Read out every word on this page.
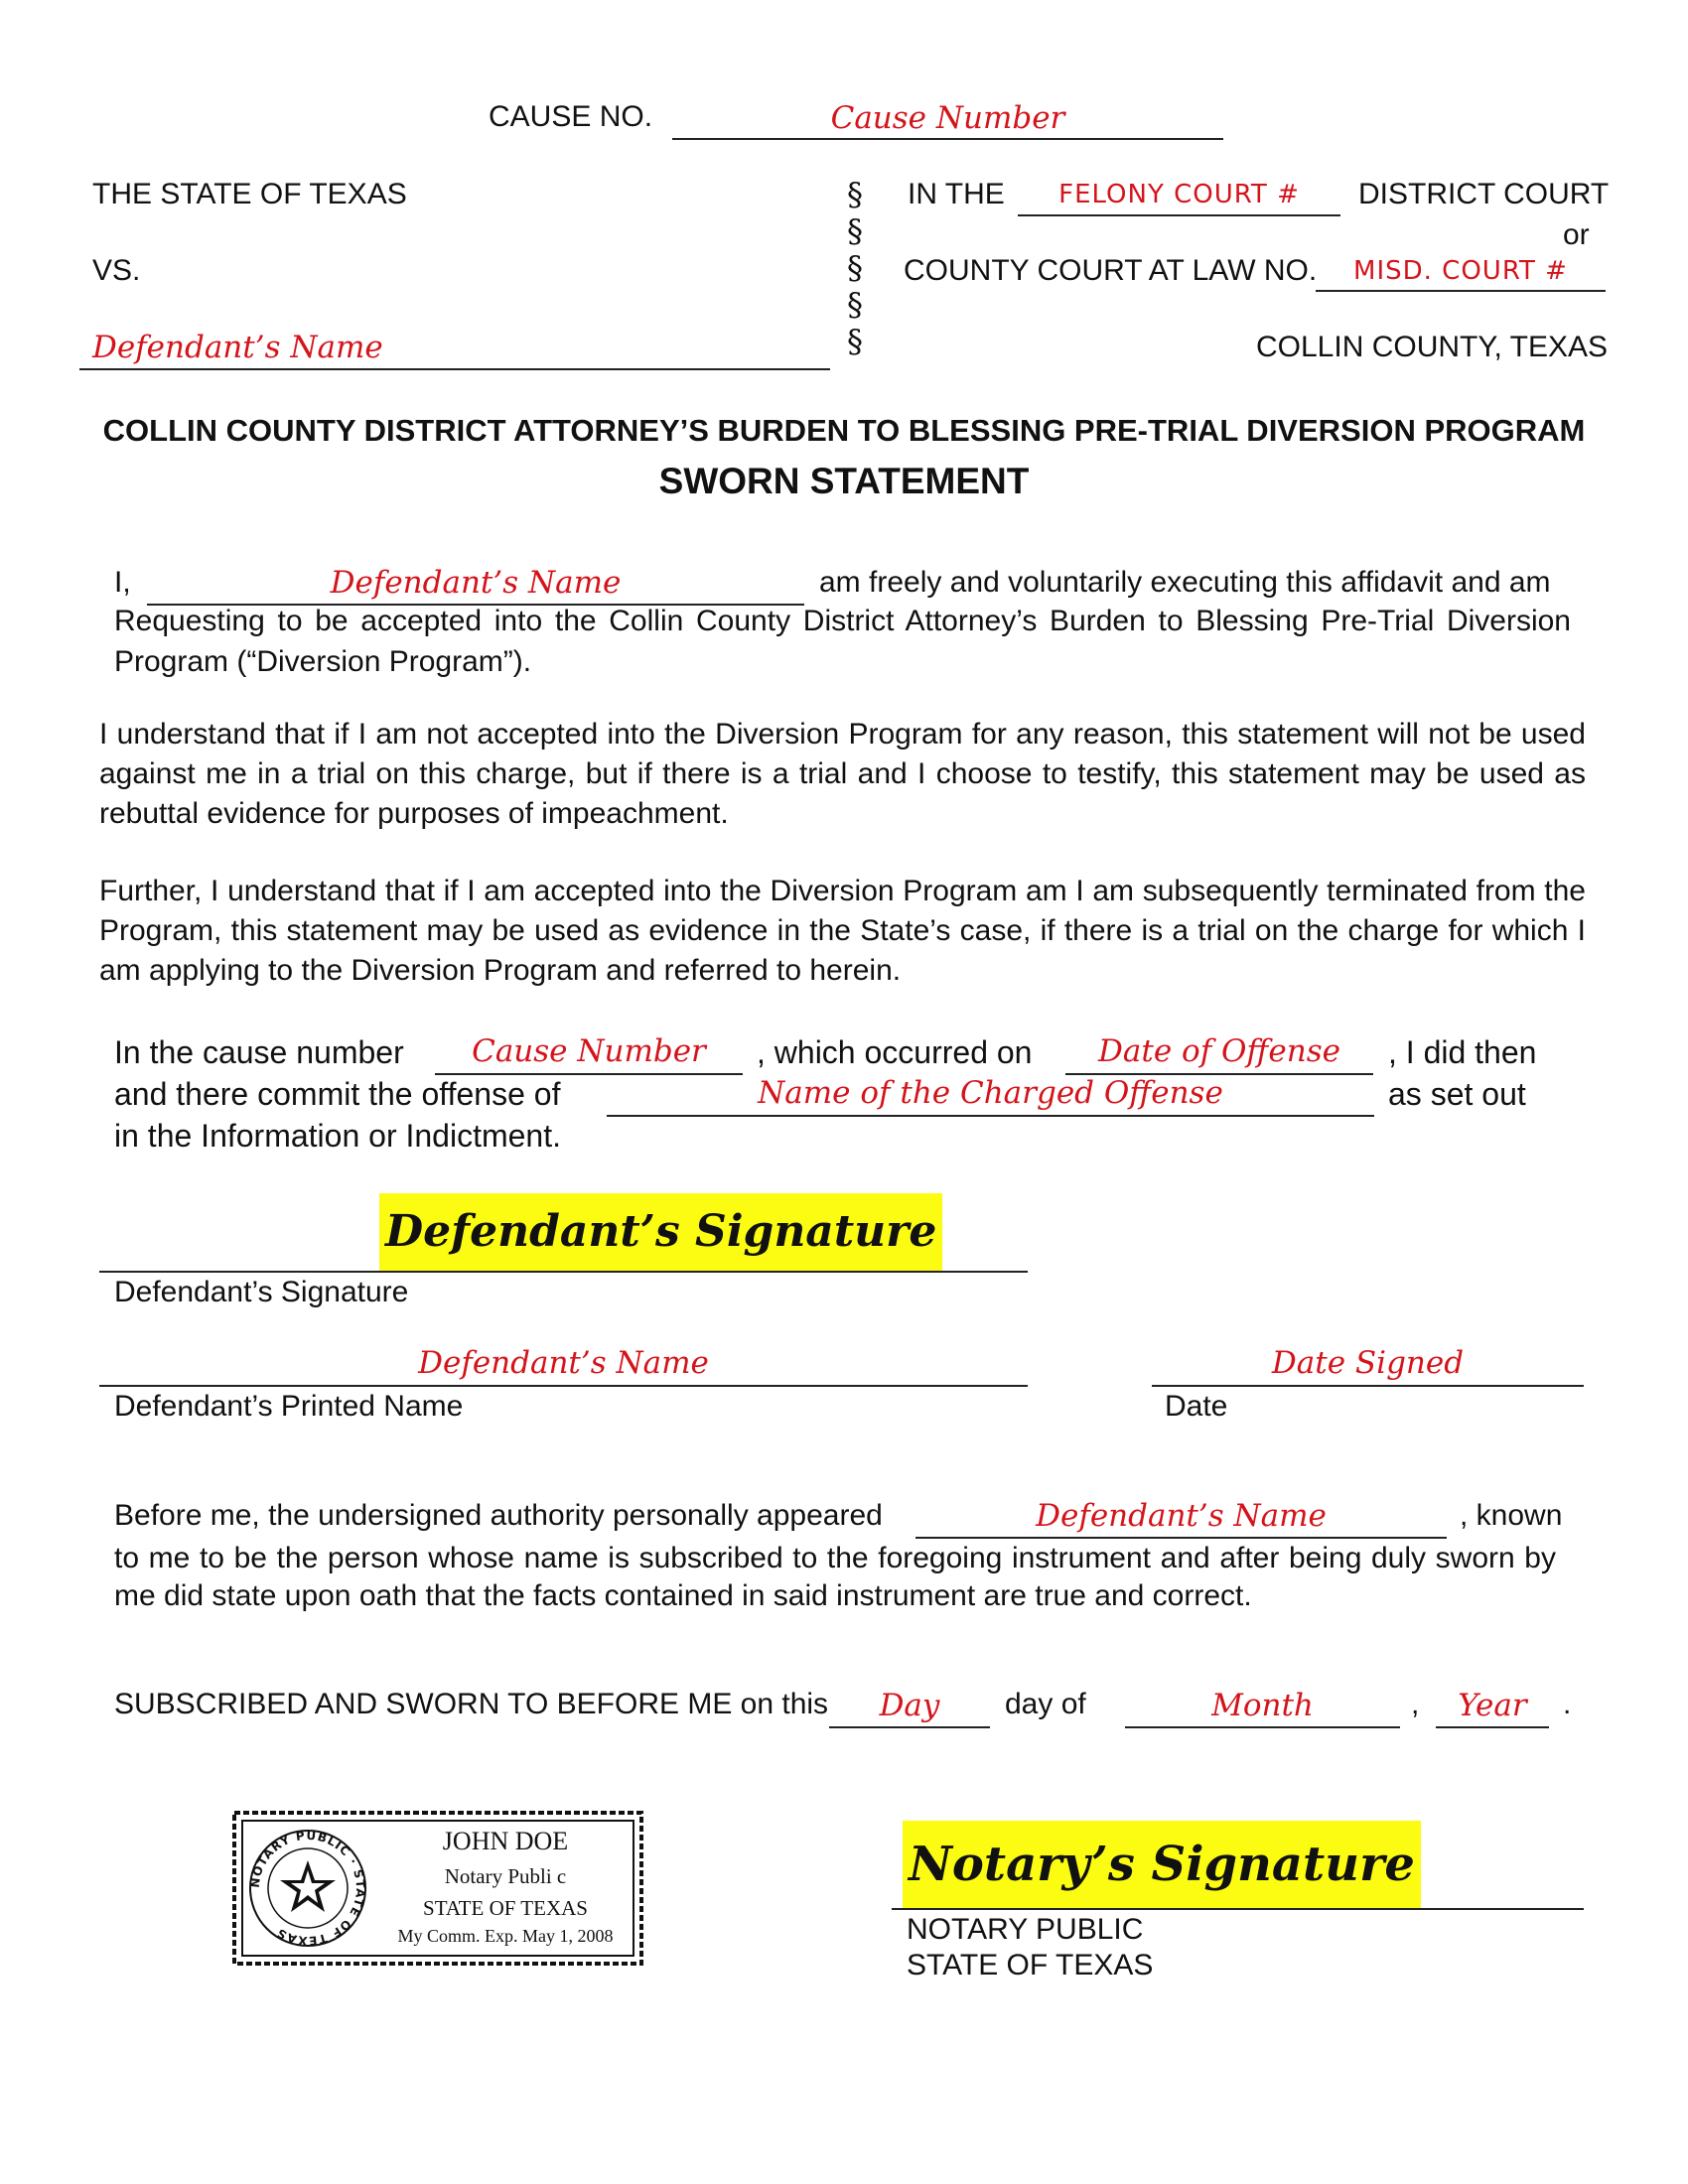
CAUSE NO.	Cause Number
THE STATE OF TEXAS
VS.
Defendant’s Name
§
§
§
§
§
IN THE	FELONY COURT #	DISTRICT COURT
or
COUNTY COURT AT LAW NO.	MISD. COURT #
COLLIN COUNTY, TEXAS
COLLIN COUNTY DISTRICT ATTORNEY’S BURDEN TO BLESSING PRE-TRIAL DIVERSION PROGRAM
SWORN STATEMENT
I,	Defendant’s Name	am freely and voluntarily executing this affidavit and am
Requesting to be accepted into the Collin County District Attorney’s Burden to Blessing Pre-Trial Diversion
Program (“Diversion Program”).
I understand that if I am not accepted into the Diversion Program for any reason, this statement will not be used against me in a trial on this charge, but if there is a trial and I choose to testify, this statement may be used as rebuttal evidence for purposes of impeachment.
Further, I understand that if I am accepted into the Diversion Program am I am subsequently terminated from the Program, this statement may be used as evidence in the State’s case, if there is a trial on the charge for which I am applying to the Diversion Program and referred to herein.
In the cause number	Cause Number	, which occurred on	Date of Offense	, I did then
and there commit the offense of	Name of the Charged Offense	as set out
in the Information or Indictment.
Defendant’s Signature
Defendant’s Signature
Defendant’s Name
Defendant’s Printed Name
Date Signed
Date
Before me, the undersigned authority personally appeared	Defendant’s Name	, known
to me to be the person whose name is subscribed to the foregoing instrument and after being duly sworn by
me did state upon oath that the facts contained in said instrument are true and correct.
SUBSCRIBED AND SWORN TO BEFORE ME on this	Day	day of	Month	,	Year	.
NOTARY PUBLIC · STATE OF TEXAS
JOHN DOE
Notary Publi c
STATE OF TEXAS
My Comm. Exp. May 1, 2008
Notary’s Signature
NOTARY PUBLIC
STATE OF TEXAS
